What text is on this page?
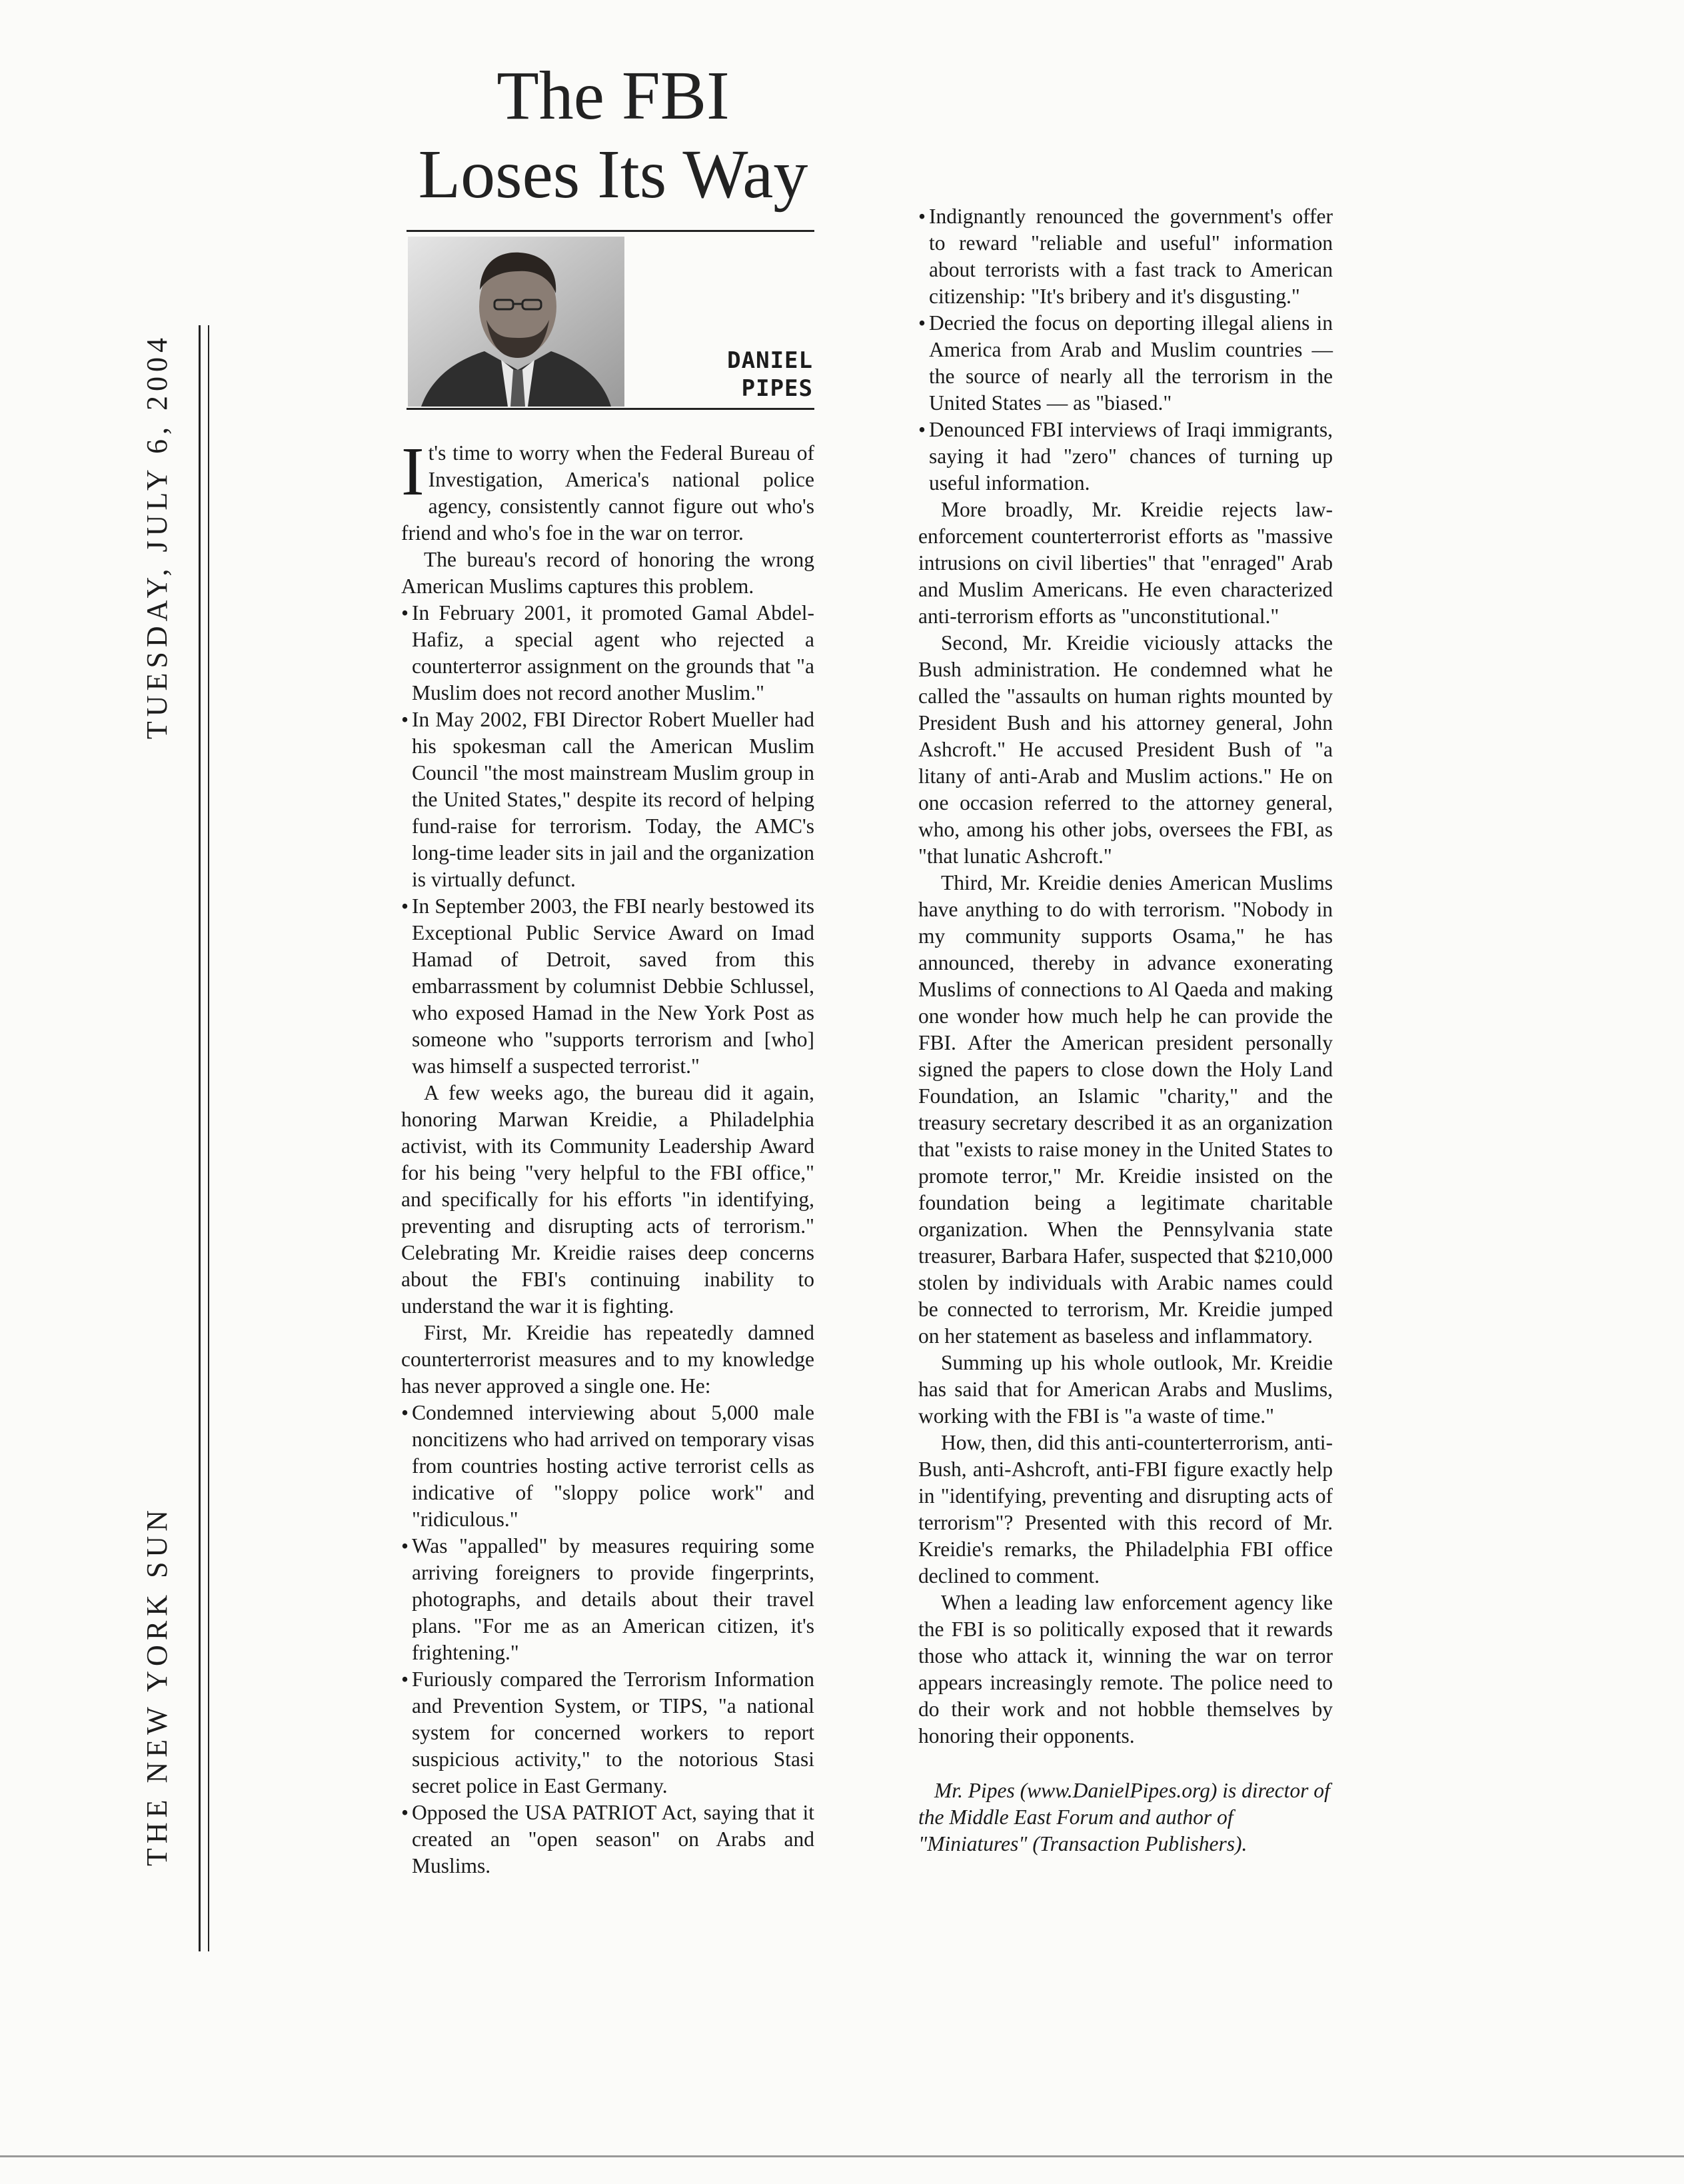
THE NEW YORK SUN
TUESDAY, JULY 6, 2004
The FBI
Loses Its Way
DANIEL
PIPES

It's time to worry when the Federal Bureau of Investigation, America's national police agency, consistently cannot figure out who's friend and who's foe in the war on terror.

The bureau's record of honoring the wrong American Muslims captures this problem.

• In February 2001, it promoted Gamal Abdel-Hafiz, a special agent who rejected a counterterror assignment on the grounds that "a Muslim does not record another Muslim."
• In May 2002, FBI Director Robert Mueller had his spokesman call the American Muslim Council "the most mainstream Muslim group in the United States," despite its record of helping fund-raise for terrorism. Today, the AMC's long-time leader sits in jail and the organization is virtually defunct.
• In September 2003, the FBI nearly bestowed its Exceptional Public Service Award on Imad Hamad of Detroit, saved from this embarrassment by columnist Debbie Schlussel, who exposed Hamad in the New York Post as someone who "supports terrorism and [who] was himself a suspected terrorist."

A few weeks ago, the bureau did it again, honoring Marwan Kreidie, a Philadelphia activist, with its Community Leadership Award for his being "very helpful to the FBI office," and specifically for his efforts "in identifying, preventing and disrupting acts of terrorism." Celebrating Mr. Kreidie raises deep concerns about the FBI's continuing inability to understand the war it is fighting.

First, Mr. Kreidie has repeatedly damned counterterrorist measures and to my knowledge has never approved a single one. He:

• Condemned interviewing about 5,000 male noncitizens who had arrived on temporary visas from countries hosting active terrorist cells as indicative of "sloppy police work" and "ridiculous."
• Was "appalled" by measures requiring some arriving foreigners to provide fingerprints, photographs, and details about their travel plans. "For me as an American citizen, it's frightening."
• Furiously compared the Terrorism Information and Prevention System, or TIPS, "a national system for concerned workers to report suspicious activity," to the notorious Stasi secret police in East Germany.
• Opposed the USA PATRIOT Act, saying that it created an "open season" on Arabs and Muslims.
• Indignantly renounced the government's offer to reward "reliable and useful" information about terrorists with a fast track to American citizenship: "It's bribery and it's disgusting."
• Decried the focus on deporting illegal aliens in America from Arab and Muslim countries — the source of nearly all the terrorism in the United States — as "biased."
• Denounced FBI interviews of Iraqi immigrants, saying it had "zero" chances of turning up useful information.

More broadly, Mr. Kreidie rejects law-enforcement counterterrorist efforts as "massive intrusions on civil liberties" that "enraged" Arab and Muslim Americans. He even characterized anti-terrorism efforts as "unconstitutional."

Second, Mr. Kreidie viciously attacks the Bush administration. He condemned what he called the "assaults on human rights mounted by President Bush and his attorney general, John Ashcroft." He accused President Bush of "a litany of anti-Arab and Muslim actions." He on one occasion referred to the attorney general, who, among his other jobs, oversees the FBI, as "that lunatic Ashcroft."

Third, Mr. Kreidie denies American Muslims have anything to do with terrorism. "Nobody in my community supports Osama," he has announced, thereby in advance exonerating Muslims of connections to Al Qaeda and making one wonder how much help he can provide the FBI. After the American president personally signed the papers to close down the Holy Land Foundation, an Islamic "charity," and the treasury secretary described it as an organization that "exists to raise money in the United States to promote terror," Mr. Kreidie insisted on the foundation being a legitimate charitable organization. When the Pennsylvania state treasurer, Barbara Hafer, suspected that $210,000 stolen by individuals with Arabic names could be connected to terrorism, Mr. Kreidie jumped on her statement as baseless and inflammatory.

Summing up his whole outlook, Mr. Kreidie has said that for American Arabs and Muslims, working with the FBI is "a waste of time."

How, then, did this anti-counterterrorism, anti-Bush, anti-Ashcroft, anti-FBI figure exactly help in "identifying, preventing and disrupting acts of terrorism"? Presented with this record of Mr. Kreidie's remarks, the Philadelphia FBI office declined to comment.

When a leading law enforcement agency like the FBI is so politically exposed that it rewards those who attack it, winning the war on terror appears increasingly remote. The police need to do their work and not hobble themselves by honoring their opponents.

Mr. Pipes (www.DanielPipes.org) is director of the Middle East Forum and author of "Miniatures" (Transaction Publishers).
